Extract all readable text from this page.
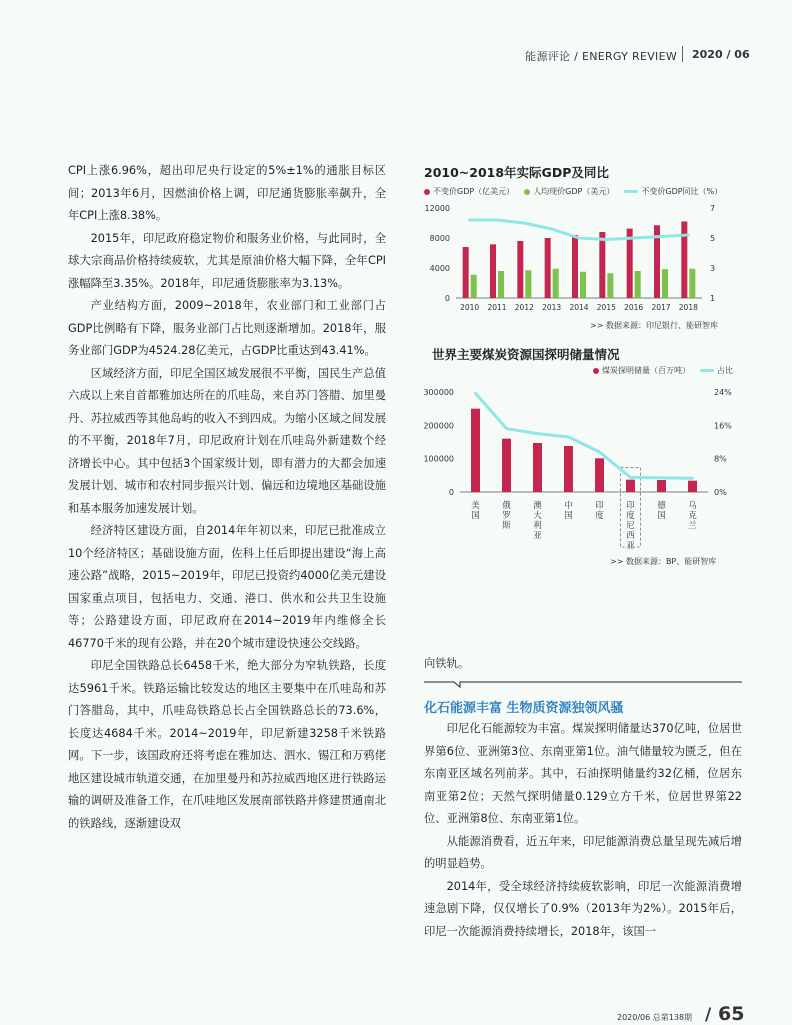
能源评论 / ENERGY REVIEW 2020 / 06

CPI上涨6.96%，超出印尼央行设定的5%±1%的通胀目标区间；2013年6月，因燃油价格上调，印尼通货膨胀率飙升，全年CPI上涨8.38%。

2015年，印尼政府稳定物价和服务业价格，与此同时，全球大宗商品价格持续疲软，尤其是原油价格大幅下降，全年CPI涨幅降至3.35%。2018年，印尼通货膨胀率为3.13%。

产业结构方面，2009~2018年，农业部门和工业部门占GDP比例略有下降，服务业部门占比则逐渐增加。2018年，服务业部门GDP为4524.28亿美元，占GDP比重达到43.41%。

区域经济方面，印尼全国区域发展很不平衡，国民生产总值六成以上来自首都雅加达所在的爪哇岛，来自苏门答腊、加里曼丹、苏拉威西等其他岛屿的收入不到四成。为缩小区域之间发展的不平衡，2018年7月，印尼政府计划在爪哇岛外新建数个经济增长中心。其中包括3个国家级计划，即有潜力的大都会加速发展计划、城市和农村同步振兴计划、偏远和边境地区基础设施和基本服务加速发展计划。

经济特区建设方面，自2014年年初以来，印尼已批准成立10个经济特区；基础设施方面，佐科上任后即提出建设“海上高速公路”战略，2015~2019年，印尼已投资约4000亿美元建设国家重点项目，包括电力、交通、港口、供水和公共卫生设施等；公路建设方面，印尼政府在2014~2019年内维修全长46770千米的现有公路，并在20个城市建设快速公交线路。

印尼全国铁路总长6458千米，绝大部分为窄轨铁路，长度达5961千米。铁路运输比较发达的地区主要集中在爪哇岛和苏门答腊岛，其中，爪哇岛铁路总长占全国铁路总长的73.6%，长度达4684千米。2014~2019年，印尼新建3258千米铁路网。下一步，该国政府还将考虑在雅加达、泗水、锡江和万鸦佬地区建设城市轨道交通，在加里曼丹和苏拉威西地区进行铁路运输的调研及准备工作，在爪哇地区发展南部铁路并修建贯通南北的铁路线，逐渐建设双

2010~2018年实际GDP及同比
不变价GDP（亿美元） 人均现价GDP（美元）	不变价GDP同比（%）
0
4000
8000
12000
1
3
5
7
2010 2011 2012 2013 2014 2015 2016 2017 2018
>> 数据来源：印尼银行、能研智库
世界主要煤炭资源国探明储量情况
煤炭探明储量（百万吨）	占比
0
100000
200000
300000
0%
8%
16%
24%
美国
俄罗斯
澳大利亚
中国
印度
印度尼西亚
德国
乌克兰
>> 数据来源：BP、能研智库
向铁轨。
化石能源丰富 生物质资源独领风骚

印尼化石能源较为丰富。煤炭探明储量达370亿吨，位居世界第6位、亚洲第3位、东南亚第1位。油气储量较为匮乏，但在东南亚区域名列前茅。其中，石油探明储量约32亿桶，位居东南亚第2位；天然气探明储量0.129立方千米，位居世界第22位、亚洲第8位、东南亚第1位。

从能源消费看，近五年来，印尼能源消费总量呈现先减后增的明显趋势。

2014年，受全球经济持续疲软影响，印尼一次能源消费增速急剧下降，仅仅增长了0.9%（2013年为2%）。2015年后，印尼一次能源消费持续增长，2018年，该国一

2020/06 总第138期 / 65
